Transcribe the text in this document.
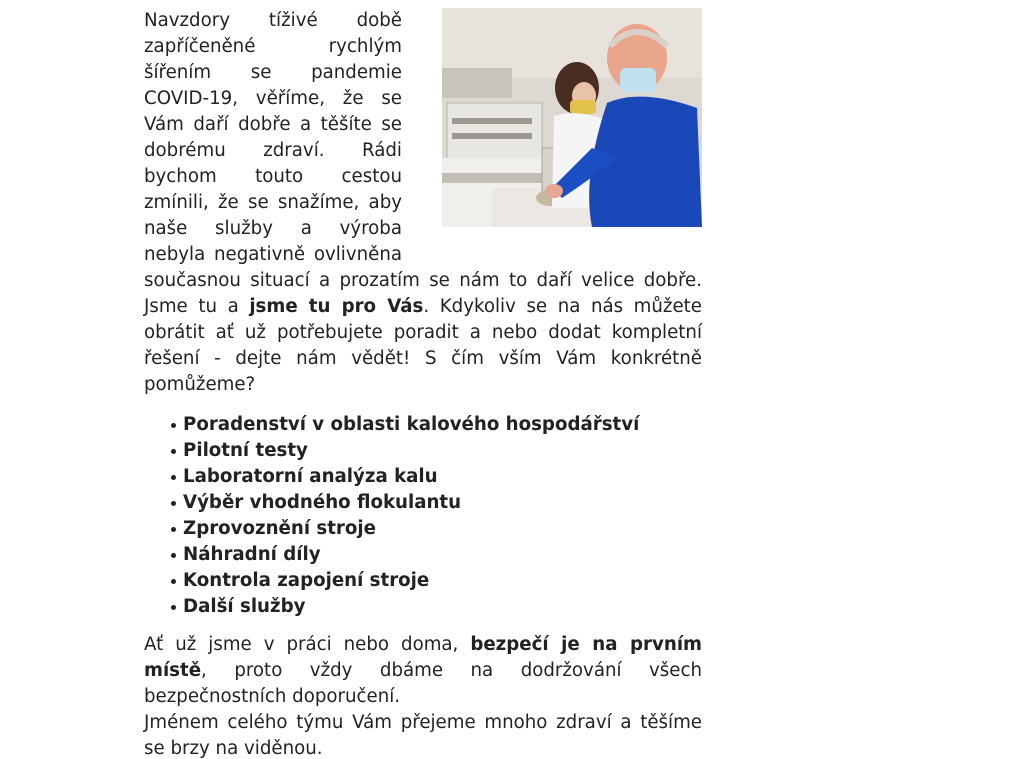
Navzdory tíživé době zapříčeněné rychlým šířením se pandemie COVID-19, věříme, že se Vám daří dobře a těšíte se dobrému zdraví. Rádi bychom touto cestou zmínili, že se snažíme, aby naše služby a výroba nebyla negativně ovlivněna současnou situací a prozatím se nám to daří velice dobře. Jsme tu a jsme tu pro Vás. Kdykoliv se na nás můžete obrátit ať už potřebujete poradit a nebo dodat kompletní řešení - dejte nám vědět! S čím vším Vám konkrétně pomůžeme?

Poradenství v oblasti kalového hospodářství
Pilotní testy
Laboratorní analýza kalu
Výběr vhodného flokulantu
Zprovoznění stroje
Náhradní díly
Kontrola zapojení stroje
Další služby

Ať už jsme v práci nebo doma, bezpečí je na prvním místě, proto vždy dbáme na dodržování všech bezpečnostních doporučení.

Jménem celého týmu Vám přejeme mnoho zdraví a těšíme se brzy na viděnou.
